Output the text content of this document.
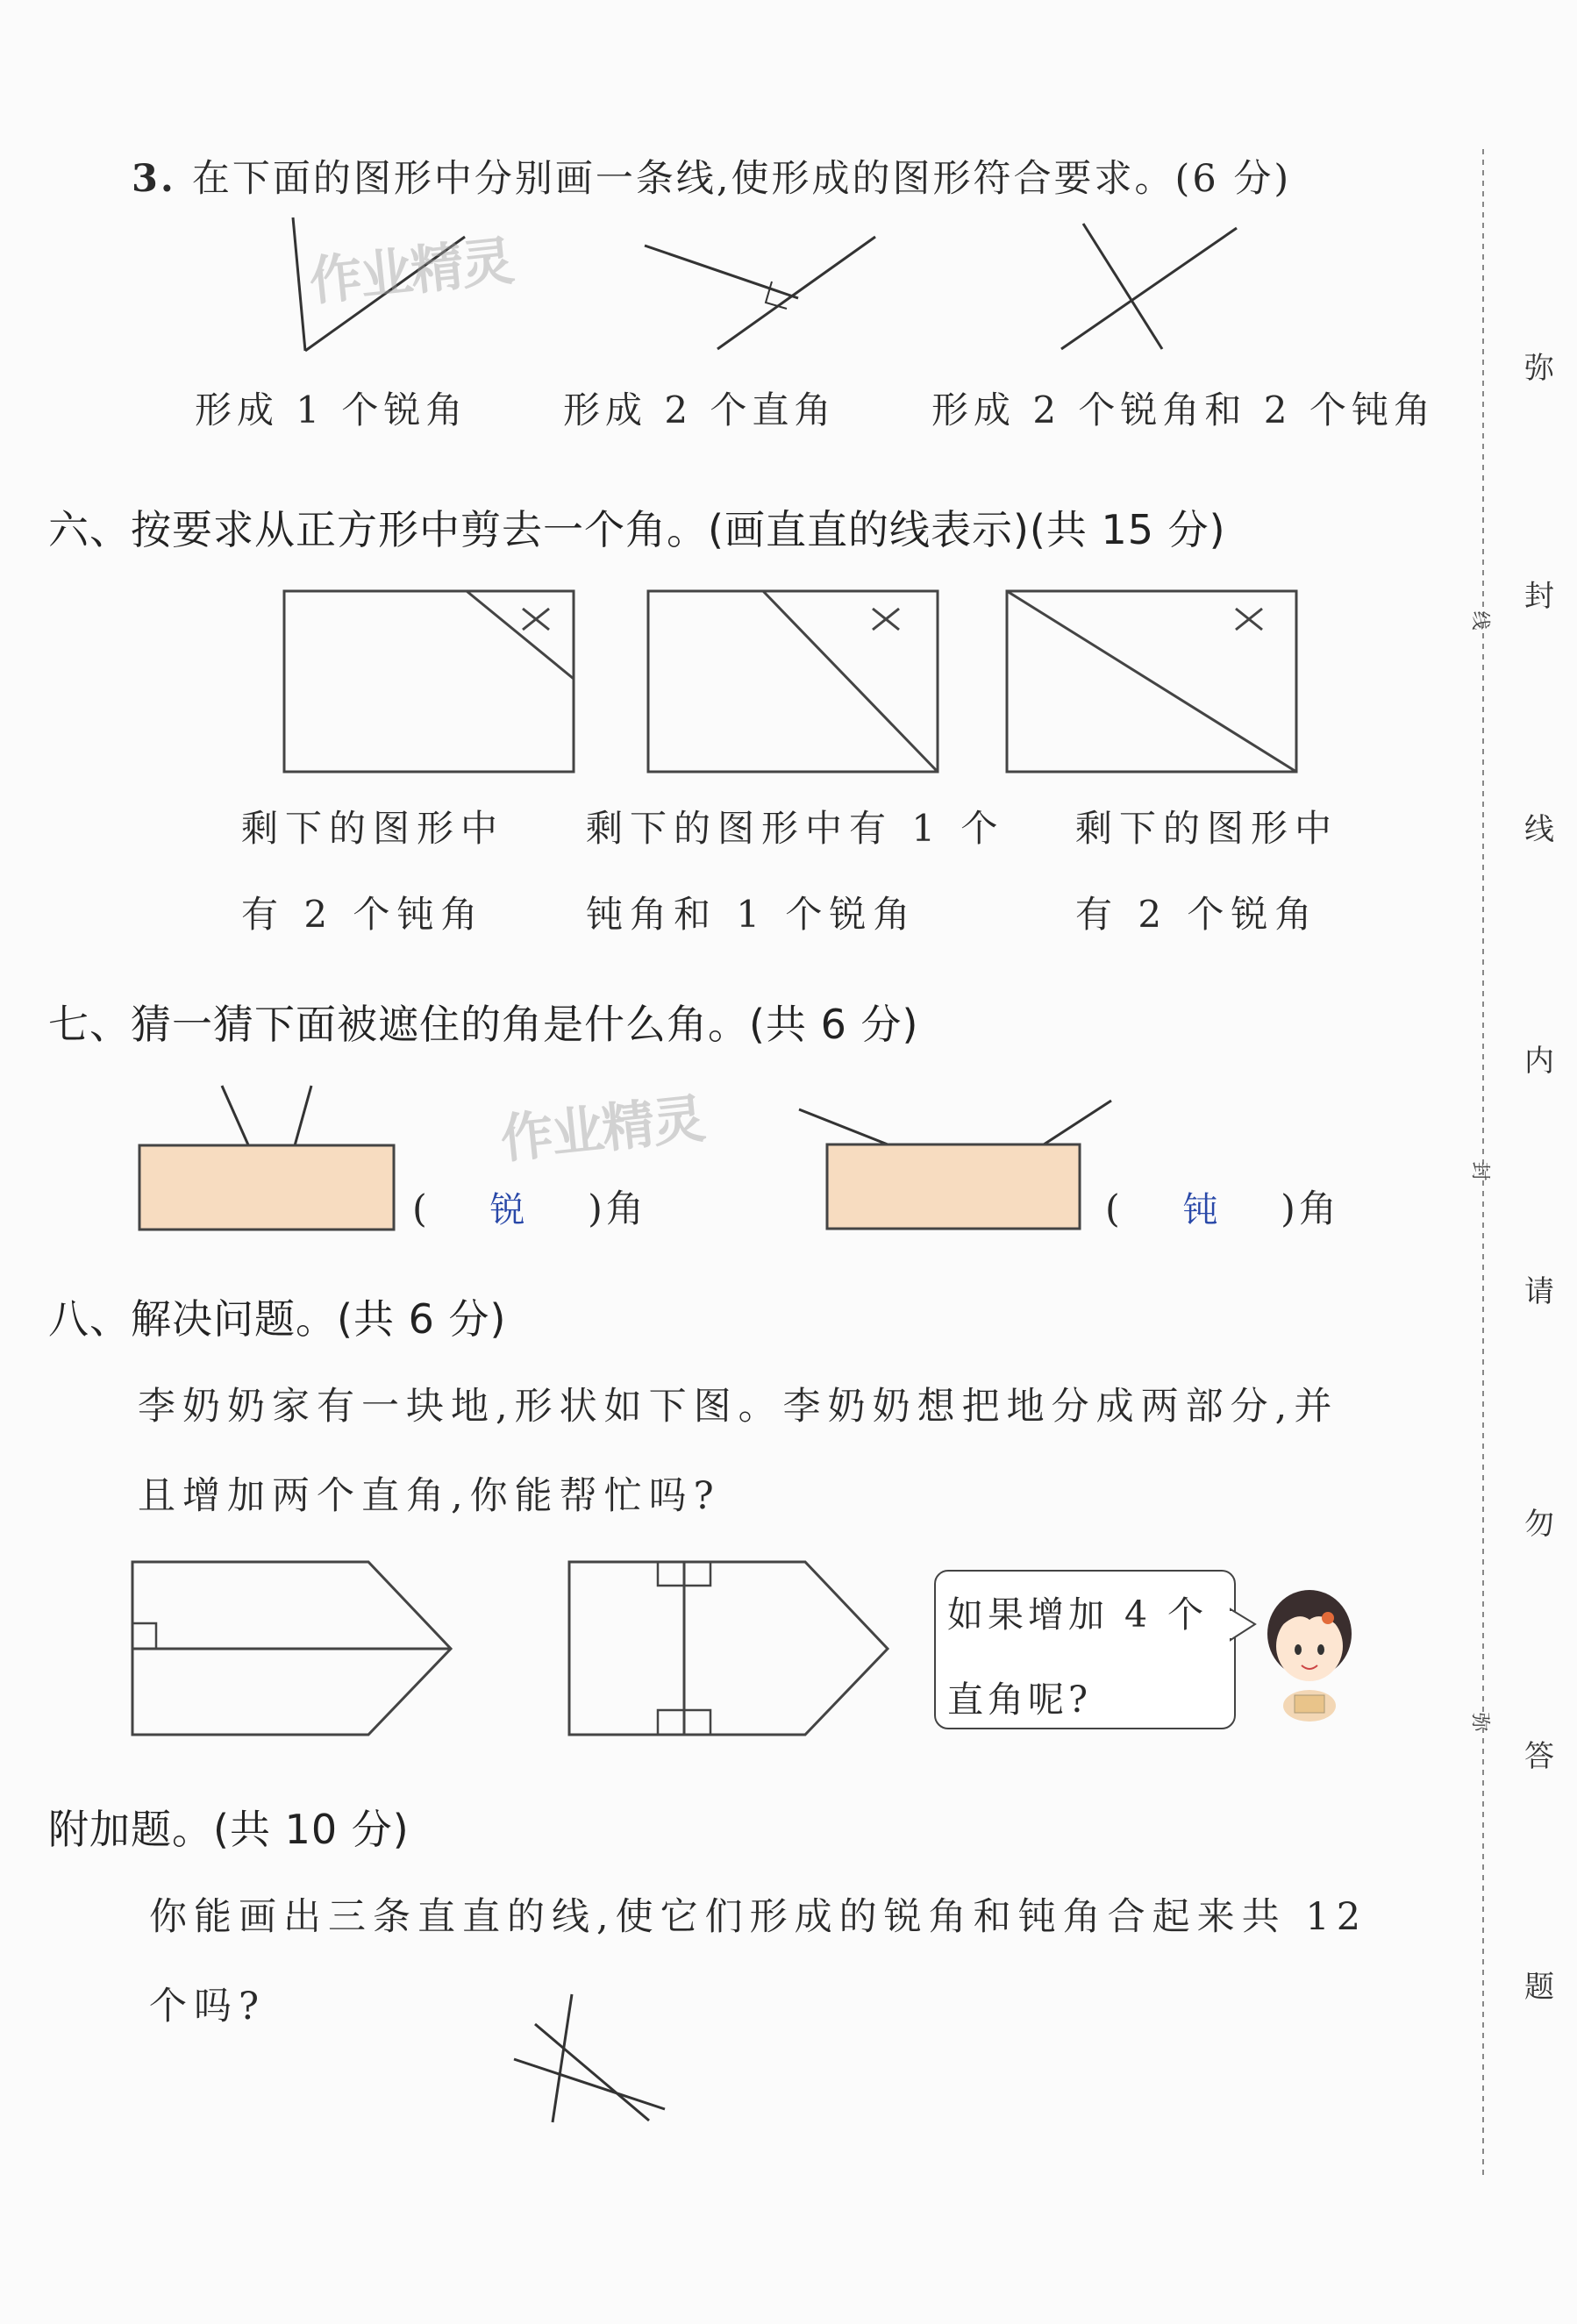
3. 在下面的图形中分别画一条线,使形成的图形符合要求。(6 分)
作业精灵
形成 1 个锐角	形成 2 个直角	形成 2 个锐角和 2 个钝角
六、按要求从正方形中剪去一个角。(画直直的线表示)(共 15 分)
剩下的图形中
有 2 个钝角
剩下的图形中有 1 个
钝角和 1 个锐角
剩下的图形中
有 2 个锐角
七、猜一猜下面被遮住的角是什么角。(共 6 分)
( 锐 )角
作业精灵
( 钝 )角
八、解决问题。(共 6 分)
李奶奶家有一块地,形状如下图。李奶奶想把地分成两部分,并
且增加两个直角,你能帮忙吗?
如果增加 4 个
直角呢?
附加题。(共 10 分)
你能画出三条直直的线,使它们形成的锐角和钝角合起来共 12
个吗?
弥
封
线
内
请
勿
答
题
线
封
弥
